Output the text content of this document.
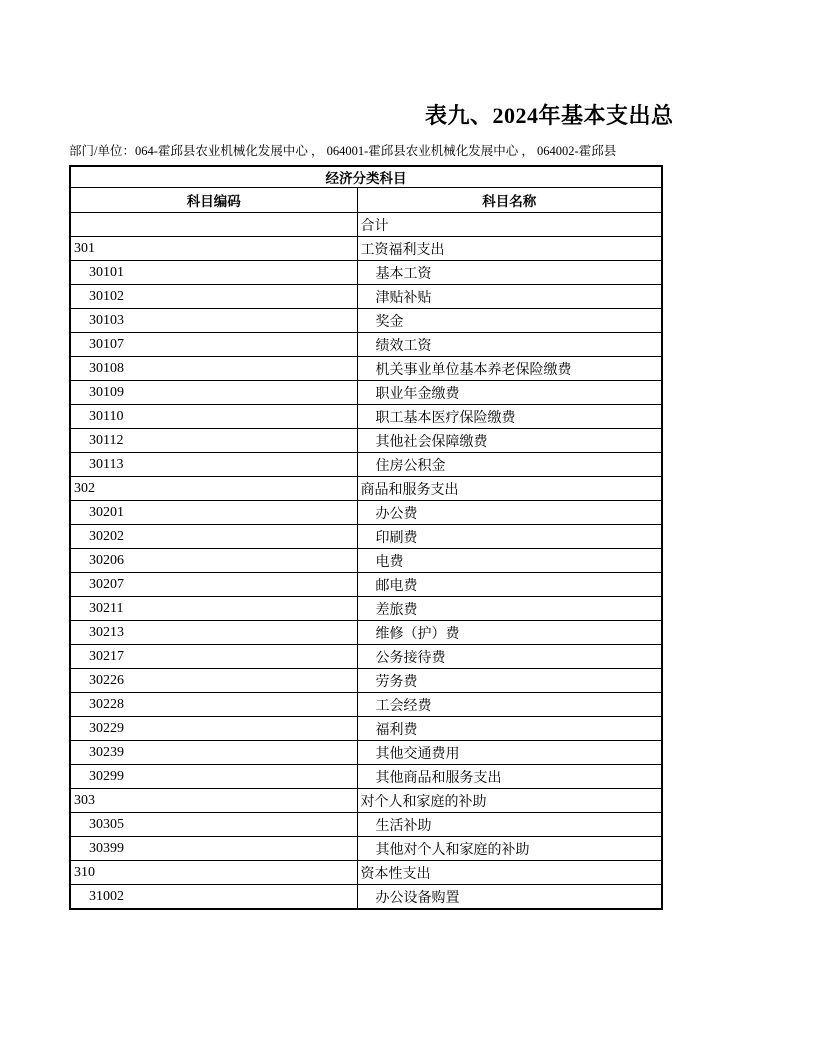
表九、2024年基本支出总
部门/单位：064-霍邱县农业机械化发展中心 ， 064001-霍邱县农业机械化发展中心 ， 064002-霍邱县
经济分类科目	
科目编码	科目名称
	合计
301	工资福利支出
30101	基本工资
30102	津贴补贴
30103	奖金
30107	绩效工资
30108	机关事业单位基本养老保险缴费
30109	职业年金缴费
30110	职工基本医疗保险缴费
30112	其他社会保障缴费
30113	住房公积金
302	商品和服务支出
30201	办公费
30202	印刷费
30206	电费
30207	邮电费
30211	差旅费
30213	维修（护）费
30217	公务接待费
30226	劳务费
30228	工会经费
30229	福利费
30239	其他交通费用
30299	其他商品和服务支出
303	对个人和家庭的补助
30305	生活补助
30399	其他对个人和家庭的补助
310	资本性支出
31002	办公设备购置
